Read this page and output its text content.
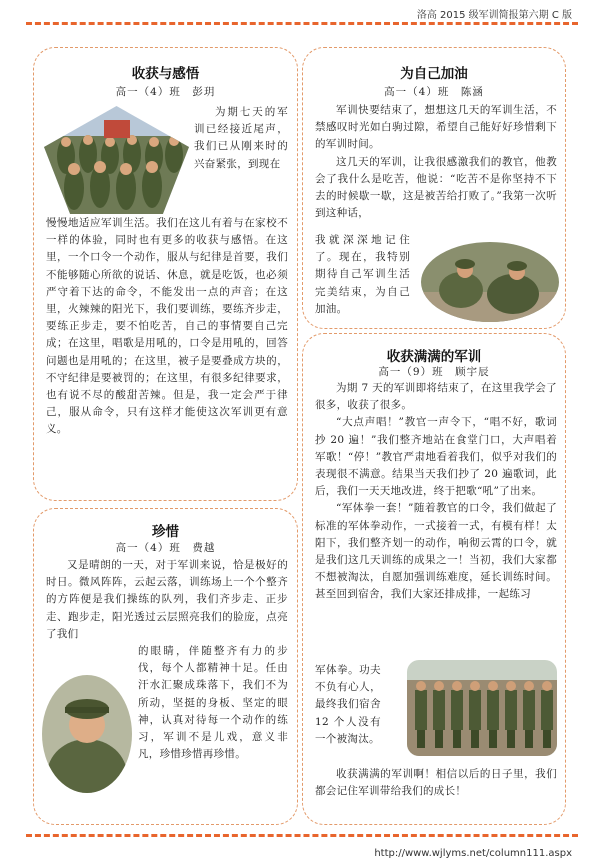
洛高 2015 级军训简报第六期 C 版
收获与感悟
高一（4）班　彭玥

为期七天的军训已经接近尾声，我们已从刚来时的兴奋紧张，到现在

慢慢地适应军训生活。我们在这儿有着与在家校不一样的体验，同时也有更多的收获与感悟。在这里，一个口令一个动作，服从与纪律是首要，我们不能够随心所欲的说话、休息，就是吃饭，也必须严守着下达的命令，不能发出一点的声音；在这里，火辣辣的阳光下，我们要训练，要练齐步走，要练正步走，要不怕吃苦，自己的事情要自己完成；在这里，唱歌是用吼的，口令是用吼的，回答问题也是用吼的；在这里，被子是要叠成方块的，不守纪律是要被罚的；在这里，有很多纪律要求，也有说不尽的酸甜苦辣。但是，我一定会严于律己，服从命令，只有这样才能使这次军训更有意义。

为自己加油
高一（4）班　陈涵

军训快要结束了，想想这几天的军训生活，不禁感叹时光如白驹过隙，希望自己能好好珍惜剩下的军训时间。

这几天的军训，让我很感激我们的教官，他教会了我什么是吃苦，他说：“吃苦不是你坚持不下去的时候歇一歇，这是被苦给打败了。”我第一次听到这种话，

我就深深地记住了。现在，我特别期待自己军训生活完美结束，为自己加油。

收获满满的军训
高一（9）班　顾宇辰

为期 7 天的军训即将结束了，在这里我学会了很多，收获了很多。

“大点声唱！”教官一声令下，“唱不好，歌词抄 20 遍！”我们整齐地站在食堂门口，大声唱着军歌！“停！”教官严肃地看着我们，似乎对我们的表现很不满意。结果当天我们抄了 20 遍歌词，此后，我们一天天地改进，终于把歌“吼”了出来。

“军体拳一套！”随着教官的口令，我们做起了标准的军体拳动作，一式接着一式，有模有样！太阳下，我们整齐划一的动作，响彻云霄的口令，就是我们这几天训练的成果之一！当初，我们大家都不想被淘汰，自愿加强训练难度，延长训练时间。甚至回到宿舍，我们大家还排成排，一起练习

军体拳。功夫不负有心人，最终我们宿舍 12 个人没有一个被淘汰。

收获满满的军训啊！相信以后的日子里，我们都会记住军训带给我们的成长！

珍惜
高一（4）班　费越

又是晴朗的一天，对于军训来说，恰是极好的时日。微风阵阵，云起云落，训练场上一个个整齐的方阵便是我们操练的队列，我们齐步走、正步走、跑步走，阳光透过云层照亮我们的脸庞，点亮了我们

的眼睛，伴随整齐有力的步伐，每个人都精神十足。任由汗水汇聚成珠落下，我们不为所动，坚挺的身板、坚定的眼神，认真对待每一个动作的练习，军训不是儿戏，意义非凡，珍惜珍惜再珍惜。

http://www.wjlyms.net/column111.aspx
